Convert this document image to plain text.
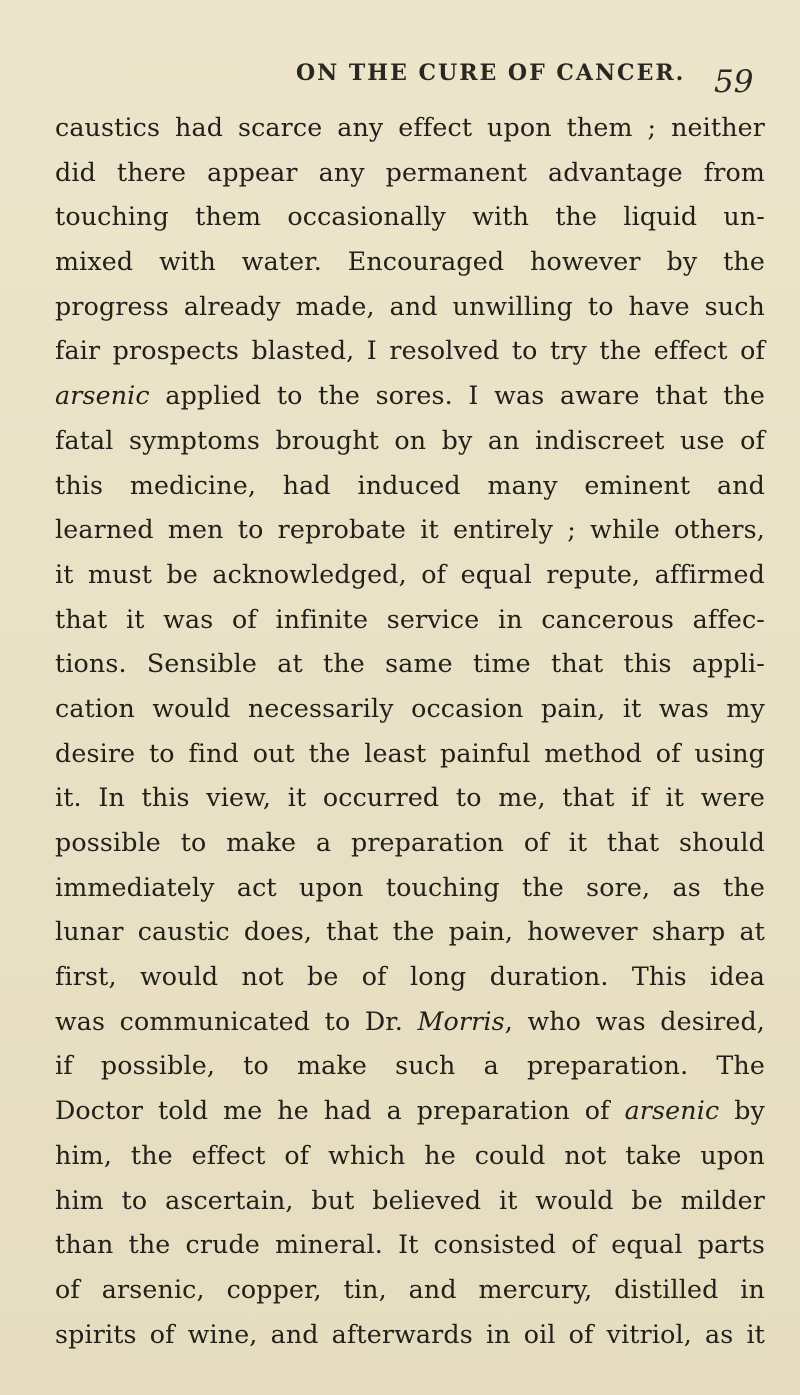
ON THE CURE OF CANCER. 59
caustics had scarce any effect upon them ; neither
did there appear any permanent advantage from
touching them occasionally with the liquid un-
mixed with water. Encouraged however by the
progress already made, and unwilling to have such
fair prospects blasted, I resolved to try the effect of
arsenic applied to the sores. I was aware that the
fatal symptoms brought on by an indiscreet use of
this medicine, had induced many eminent and
learned men to reprobate it entirely ; while others,
it must be acknowledged, of equal repute, affirmed
that it was of infinite service in cancerous affec-
tions. Sensible at the same time that this appli-
cation would necessarily occasion pain, it was my
desire to find out the least painful method of using
it. In this view, it occurred to me, that if it were
possible to make a preparation of it that should
immediately act upon touching the sore, as the
lunar caustic does, that the pain, however sharp at
first, would not be of long duration. This idea
was communicated to Dr. Morris, who was desired,
if possible, to make such a preparation. The
Doctor told me he had a preparation of arsenic by
him, the effect of which he could not take upon
him to ascertain, but believed it would be milder
than the crude mineral. It consisted of equal parts
of arsenic, copper, tin, and mercury, distilled in
spirits of wine, and afterwards in oil of vitriol, as it
